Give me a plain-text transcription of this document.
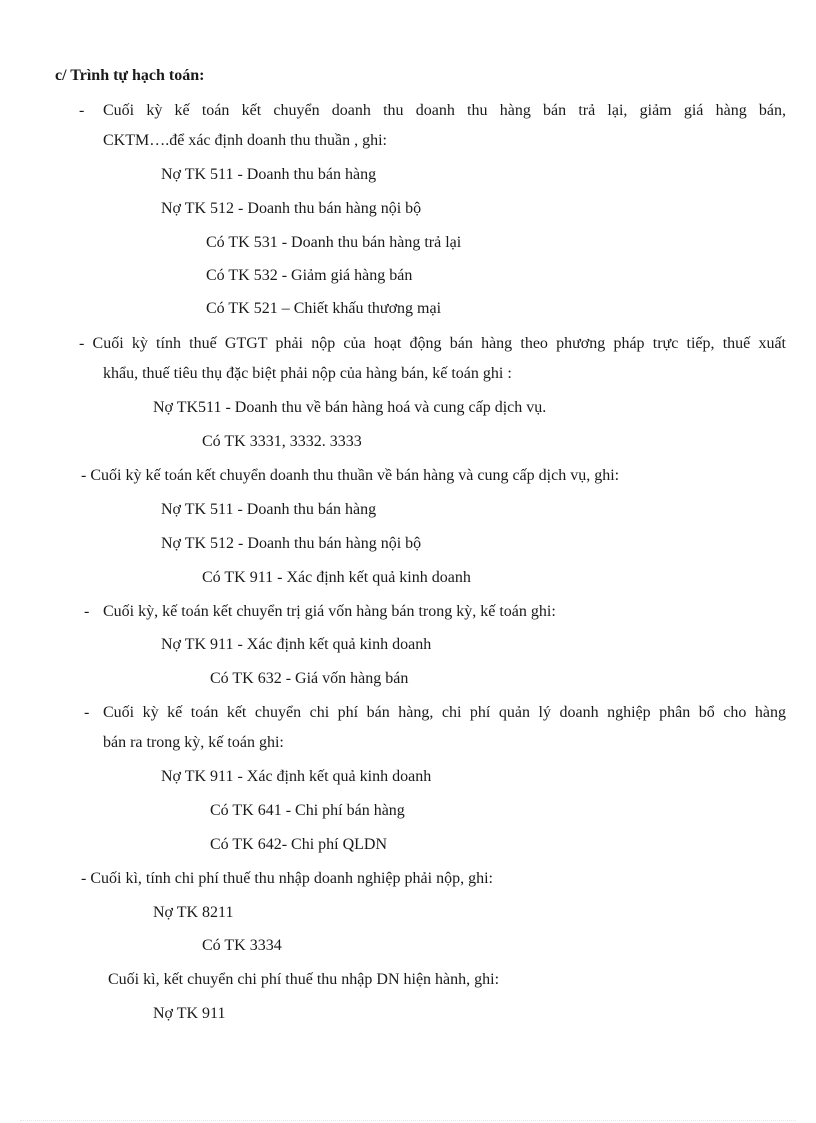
c/ Trình tự hạch toán:
- Cuối kỳ kế toán kết chuyển doanh thu doanh thu hàng bán trả lại, giảm giá hàng bán,
CKTM….để xác định doanh thu thuần , ghi:
Nợ TK 511 - Doanh thu bán hàng
Nợ TK 512 - Doanh thu bán hàng nội bộ
Có TK 531 - Doanh thu bán hàng trả lại
Có TK 532 - Giảm giá hàng bán
Có TK 521 – Chiết khấu thương mại
- Cuối kỳ tính thuế GTGT phải nộp của hoạt động bán hàng theo phương pháp trực tiếp, thuế xuất
khẩu, thuế tiêu thụ đặc biệt phải nộp của hàng bán, kế toán ghi :
Nợ TK511 - Doanh thu về bán hàng hoá và cung cấp dịch vụ.
Có TK 3331, 3332. 3333
- Cuối kỳ kế toán kết chuyển doanh thu thuần về bán hàng và cung cấp dịch vụ, ghi:
Nợ TK 511 - Doanh thu bán hàng
Nợ TK 512 - Doanh thu bán hàng nội bộ
Có TK 911 - Xác định kết quả kinh doanh
- Cuối kỳ, kế toán kết chuyển trị giá vốn hàng bán trong kỳ, kế toán ghi:
Nợ TK 911 - Xác định kết quả kinh doanh
Có TK 632 - Giá vốn hàng bán
- Cuối kỳ kế toán kết chuyển chi phí bán hàng, chi phí quản lý doanh nghiệp phân bổ cho hàng
bán ra trong kỳ, kế toán ghi:
Nợ TK 911 - Xác định kết quả kinh doanh
Có TK 641 - Chi phí bán hàng
Có TK 642- Chi phí QLDN
- Cuối kì, tính chi phí thuế thu nhập doanh nghiệp phải nộp, ghi:
Nợ TK 8211
Có TK 3334
Cuối kì, kết chuyển chi phí thuế thu nhập DN hiện hành, ghi:
Nợ TK 911
